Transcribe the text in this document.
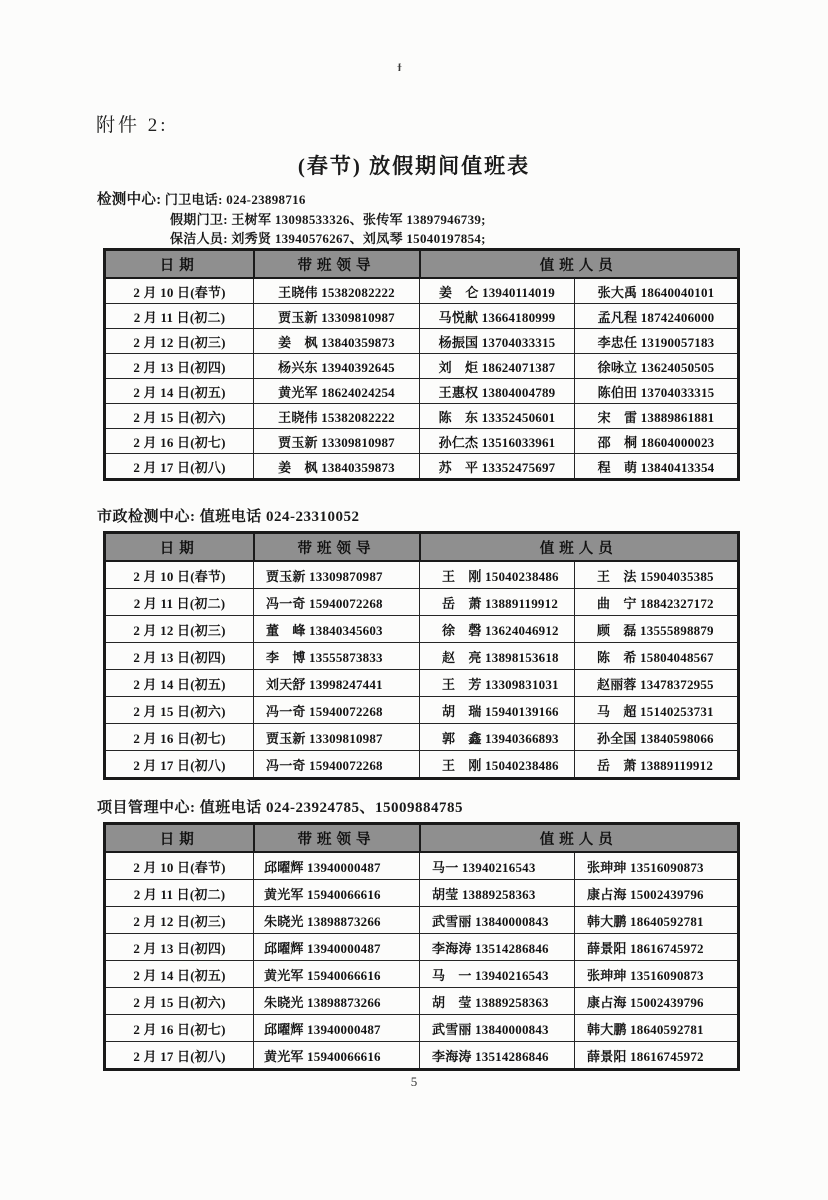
ϯ
附件 2:
(春节) 放假期间值班表
检测中心: 门卫电话: 024-23898716
假期门卫: 王树军 13098533326、张传军 13897946739;
保洁人员: 刘秀贤 13940576267、刘凤琴 15040197854;
日期	带班领导	值班人员	
2 月 10 日(春节)	王晓伟 15382082222	姜　仑 13940114019	张大禹 18640040101
2 月 11 日(初二)	贾玉新 13309810987	马悦献 13664180999	孟凡程 18742406000
2 月 12 日(初三)	姜　枫 13840359873	杨振国 13704033315	李忠任 13190057183
2 月 13 日(初四)	杨兴东 13940392645	刘　炬 18624071387	徐咏立 13624050505
2 月 14 日(初五)	黄光军 18624024254	王惠权 13804004789	陈伯田 13704033315
2 月 15 日(初六)	王晓伟 15382082222	陈　东 13352450601	宋　雷 13889861881
2 月 16 日(初七)	贾玉新 13309810987	孙仁杰 13516033961	邵　桐 18604000023
2 月 17 日(初八)	姜　枫 13840359873	苏　平 13352475697	程　萌 13840413354
市政检测中心: 值班电话 024-23310052
日期	带班领导	值班人员	
2 月 10 日(春节)	贾玉新 13309870987	王　刚 15040238486	王　法 15904035385
2 月 11 日(初二)	冯一奇 15940072268	岳　萧 13889119912	曲　宁 18842327172
2 月 12 日(初三)	董　峰 13840345603	徐　磬 13624046912	顾　磊 13555898879
2 月 13 日(初四)	李　博 13555873833	赵　亮 13898153618	陈　希 15804048567
2 月 14 日(初五)	刘天舒 13998247441	王　芳 13309831031	赵丽蓉 13478372955
2 月 15 日(初六)	冯一奇 15940072268	胡　瑞 15940139166	马　超 15140253731
2 月 16 日(初七)	贾玉新 13309810987	郭　鑫 13940366893	孙全国 13840598066
2 月 17 日(初八)	冯一奇 15940072268	王　刚 15040238486	岳　萧 13889119912
项目管理中心: 值班电话 024-23924785、15009884785
日期	带班领导	值班人员	
2 月 10 日(春节)	邱曜辉 13940000487	马一 13940216543	张珅珅 13516090873
2 月 11 日(初二)	黄光军 15940066616	胡莹 13889258363	康占海 15002439796
2 月 12 日(初三)	朱晓光 13898873266	武雪丽 13840000843	韩大鹏 18640592781
2 月 13 日(初四)	邱曜辉 13940000487	李海涛 13514286846	薛景阳 18616745972
2 月 14 日(初五)	黄光军 15940066616	马　一 13940216543	张珅珅 13516090873
2 月 15 日(初六)	朱晓光 13898873266	胡　莹 13889258363	康占海 15002439796
2 月 16 日(初七)	邱曜辉 13940000487	武雪丽 13840000843	韩大鹏 18640592781
2 月 17 日(初八)	黄光军 15940066616	李海涛 13514286846	薛景阳 18616745972
5
